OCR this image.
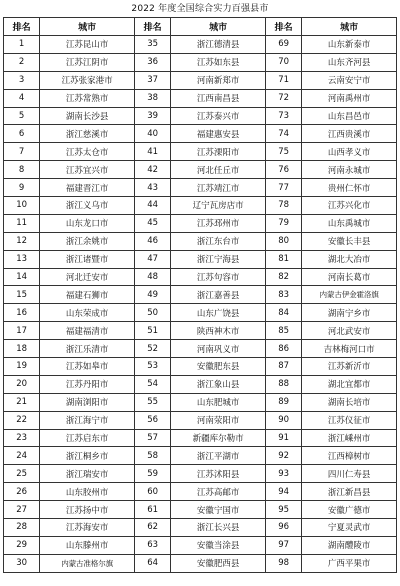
2022 年度全国综合实力百强县市
排名	城市	排名	城市	排名	城市
1	江苏昆山市	35	浙江德清县	69	山东新泰市
2	江苏江阴市	36	江苏如东县	70	山东齐河县
3	江苏张家港市	37	河南新郑市	71	云南安宁市
4	江苏常熟市	38	江西南昌县	72	河南禹州市
5	湖南长沙县	39	江苏泰兴市	73	山东昌邑市
6	浙江慈溪市	40	福建惠安县	74	江西贵溪市
7	江苏太仓市	41	江苏溧阳市	75	山西孝义市
8	江苏宜兴市	42	河北任丘市	76	河南永城市
9	福建晋江市	43	江苏靖江市	77	贵州仁怀市
10	浙江义乌市	44	辽宁瓦房店市	78	江苏兴化市
11	山东龙口市	45	江苏邳州市	79	山东禹城市
12	浙江余姚市	46	浙江东台市	80	安徽长丰县
13	浙江诸暨市	47	浙江宁海县	81	湖北大冶市
14	河北迁安市	48	江苏句容市	82	河南长葛市
15	福建石狮市	49	浙江嘉善县	83	内蒙古伊金霍洛旗
16	山东荣成市	50	山东广饶县	84	湖南宁乡市
17	福建福清市	51	陕西神木市	85	河北武安市
18	浙江乐清市	52	河南巩义市	86	吉林梅河口市
19	江苏如皋市	53	安徽肥东县	87	江苏新沂市
20	江苏丹阳市	54	浙江象山县	88	湖北宜都市
21	湖南浏阳市	55	山东肥城市	89	湖南长培市
22	浙江海宁市	56	河南荥阳市	90	江苏仪征市
23	江苏启东市	57	新疆库尔勒市	91	浙江嵊州市
24	浙江桐乡市	58	浙江平湖市	92	江西樟树市
25	浙江瑞安市	59	江苏沭阳县	93	四川仁寿县
26	山东胶州市	60	江苏高邮市	94	浙江新昌县
27	江苏扬中市	61	安徽宁国市	95	安徽广德市
28	江苏海安市	62	浙江长兴县	96	宁夏灵武市
29	山东滕州市	63	安徽当涂县	97	湖南醴陵市
30	内蒙古准格尔旗	64	安徽肥西县	98	广西平果市
